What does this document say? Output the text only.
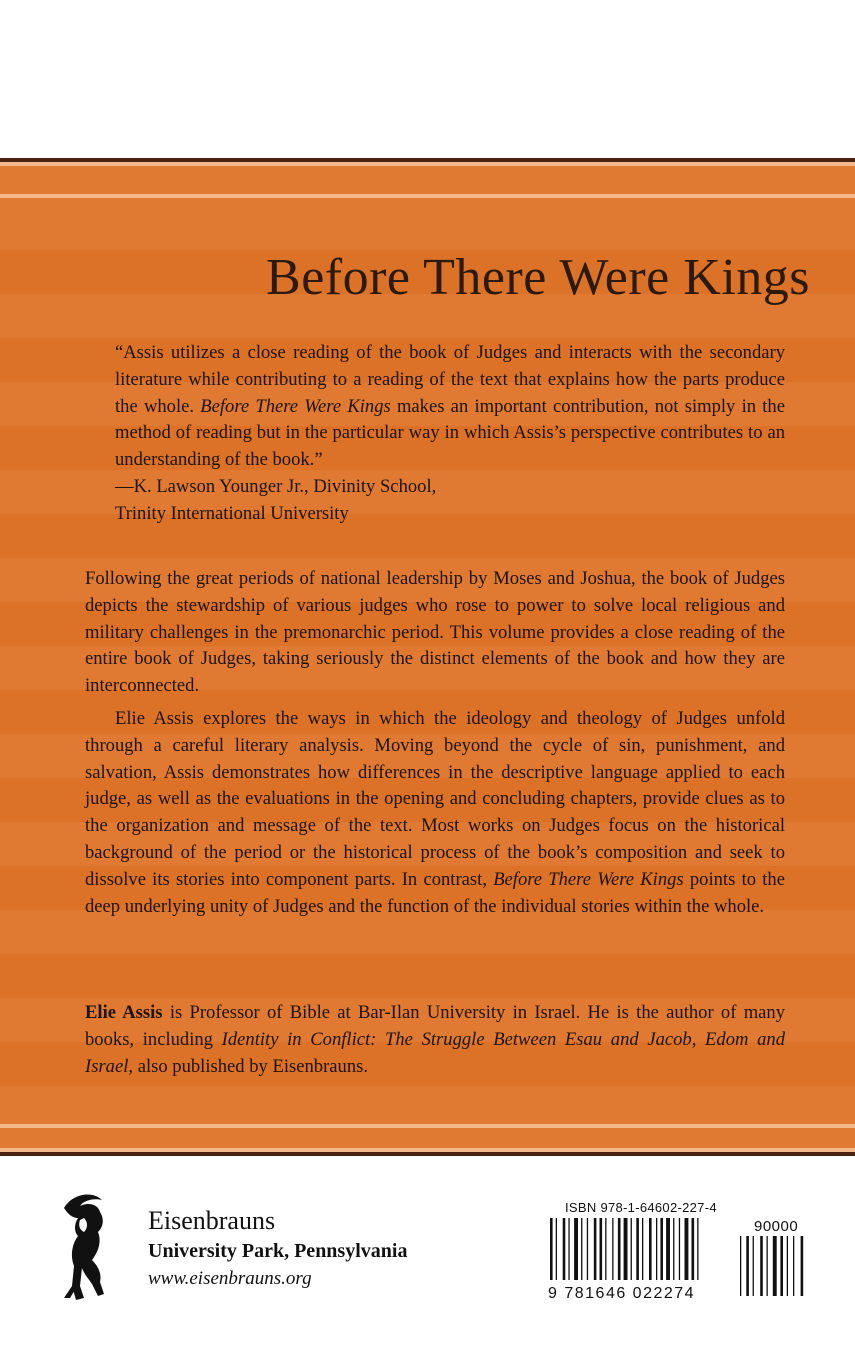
Before There Were Kings
“Assis utilizes a close reading of the book of Judges and interacts with the secondary literature while contributing to a reading of the text that explains how the parts produce the whole. Before There Were Kings makes an important contribution, not simply in the method of reading but in the particular way in which Assis’s perspective contributes to an understanding of the book.”
—K. Lawson Younger Jr., Divinity School,
Trinity International University

Following the great periods of national leadership by Moses and Joshua, the book of Judges depicts the stewardship of various judges who rose to power to solve local religious and military challenges in the premonarchic period. This volume provides a close reading of the entire book of Judges, taking seriously the distinct elements of the book and how they are interconnected.

Elie Assis explores the ways in which the ideology and theology of Judges unfold through a careful literary analysis. Moving beyond the cycle of sin, punishment, and salvation, Assis demonstrates how differences in the descriptive language applied to each judge, as well as the evaluations in the opening and concluding chapters, provide clues as to the organization and message of the text. Most works on Judges focus on the historical background of the period or the historical process of the book’s composition and seek to dissolve its stories into component parts. In contrast, Before There Were Kings points to the deep underlying unity of Judges and the function of the individual stories within the whole.

Elie Assis is Professor of Bible at Bar-Ilan University in Israel. He is the author of many books, including Identity in Conflict: The Struggle Between Esau and Jacob, Edom and Israel, also published by Eisenbrauns.
Eisenbrauns
University Park, Pennsylvania
www.eisenbrauns.org
ISBN 978-1-64602-227-4
90000
9 781646 022274
